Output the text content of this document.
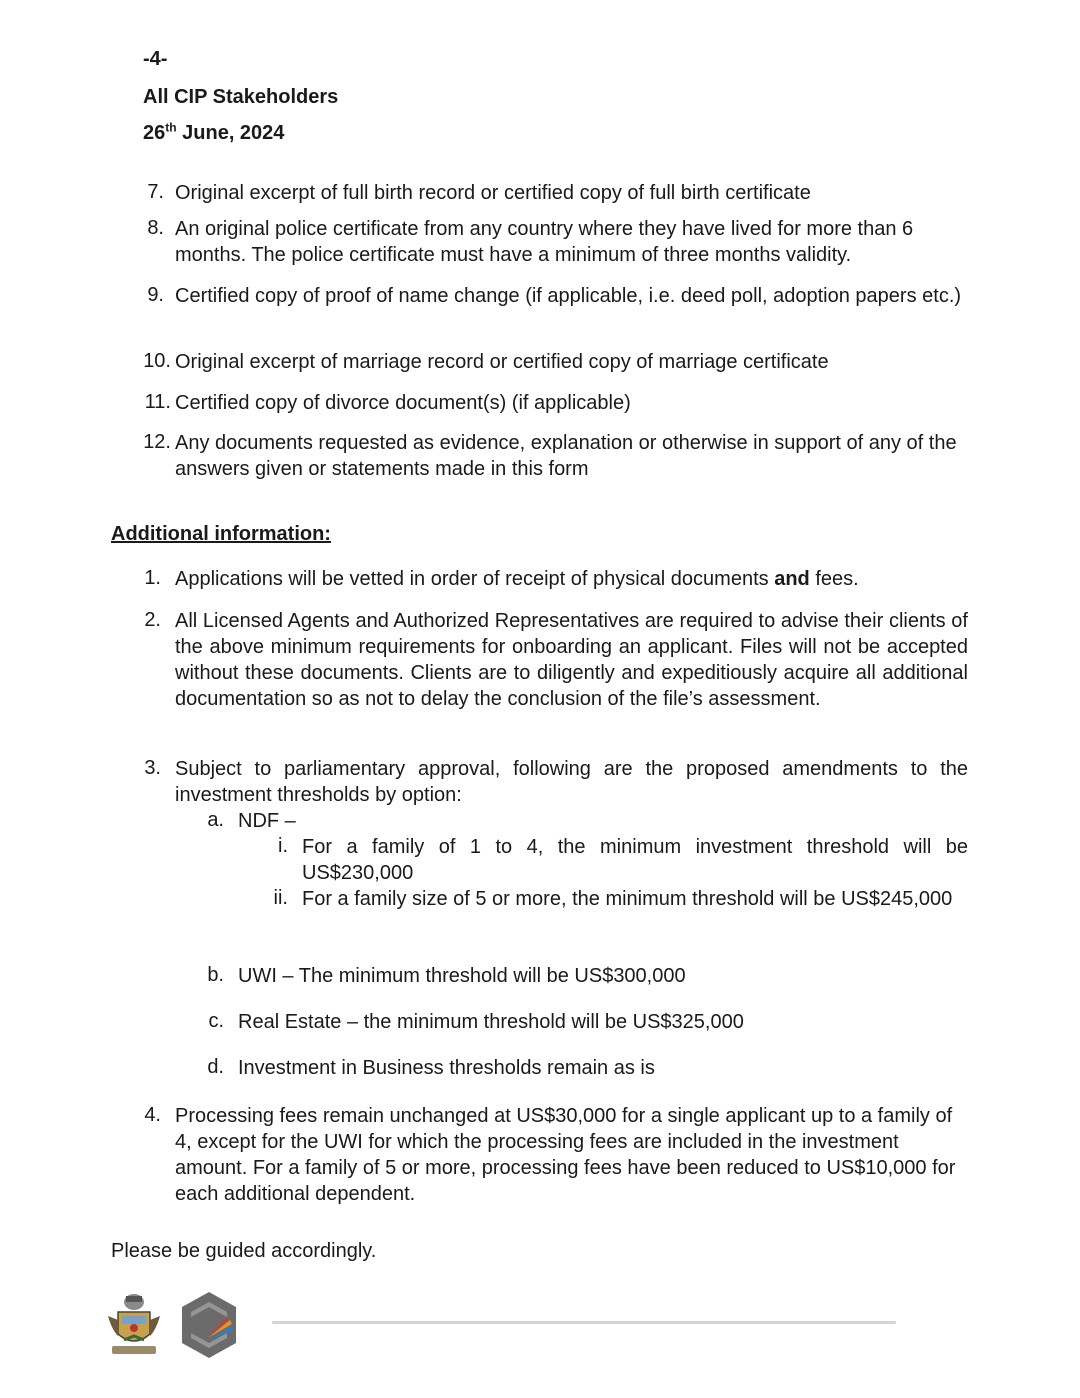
-4-
All CIP Stakeholders
26th June, 2024
7. Original excerpt of full birth record or certified copy of full birth certificate
8. An original police certificate from any country where they have lived for more than 6 months. The police certificate must have a minimum of three months validity.
9. Certified copy of proof of name change (if applicable, i.e. deed poll, adoption papers etc.)
10. Original excerpt of marriage record or certified copy of marriage certificate
11. Certified copy of divorce document(s) (if applicable)
12. Any documents requested as evidence, explanation or otherwise in support of any of the answers given or statements made in this form
Additional information:
1. Applications will be vetted in order of receipt of physical documents and fees.
2. All Licensed Agents and Authorized Representatives are required to advise their clients of the above minimum requirements for onboarding an applicant. Files will not be accepted without these documents. Clients are to diligently and expeditiously acquire all additional documentation so as not to delay the conclusion of the file’s assessment.
3. Subject to parliamentary approval, following are the proposed amendments to the investment thresholds by option:
a. NDF –
i. For a family of 1 to 4, the minimum investment threshold will be US$230,000
ii. For a family size of 5 or more, the minimum threshold will be US$245,000
b. UWI – The minimum threshold will be US$300,000
c. Real Estate – the minimum threshold will be US$325,000
d. Investment in Business thresholds remain as is
4. Processing fees remain unchanged at US$30,000 for a single applicant up to a family of 4, except for the UWI for which the processing fees are included in the investment amount. For a family of 5 or more, processing fees have been reduced to US$10,000 for each additional dependent.
Please be guided accordingly.
